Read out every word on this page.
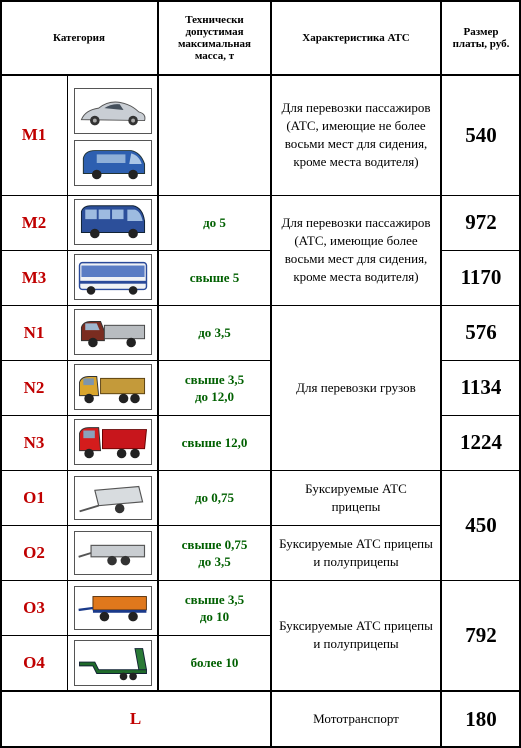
Категория
Технически допустимая максимальная масса, т
Характеристика АТС	Размер платы, руб.
M1
M2
M3
N1
N2
N3
O1
O2
O3
O4
L
до 5
свыше 5
до 3,5
свыше 3,5 до 12,0
свыше 12,0
до 0,75
свыше 0,75 до 3,5
свыше 3,5 до 10
более 10
Для перевозки пассажиров (АТС, имеющие не более восьми мест для сидения, кроме места водителя)
Для перевозки пассажиров (АТС, имеющие более восьми мест для сидения, кроме места водителя)
Для перевозки грузов
Буксируемые АТС прицепы
Буксируемые АТС прицепы и полуприцепы
Буксируемые АТС прицепы и полуприцепы
Мототранспорт
540
972
1170
576
1134
1224
450
792
180
